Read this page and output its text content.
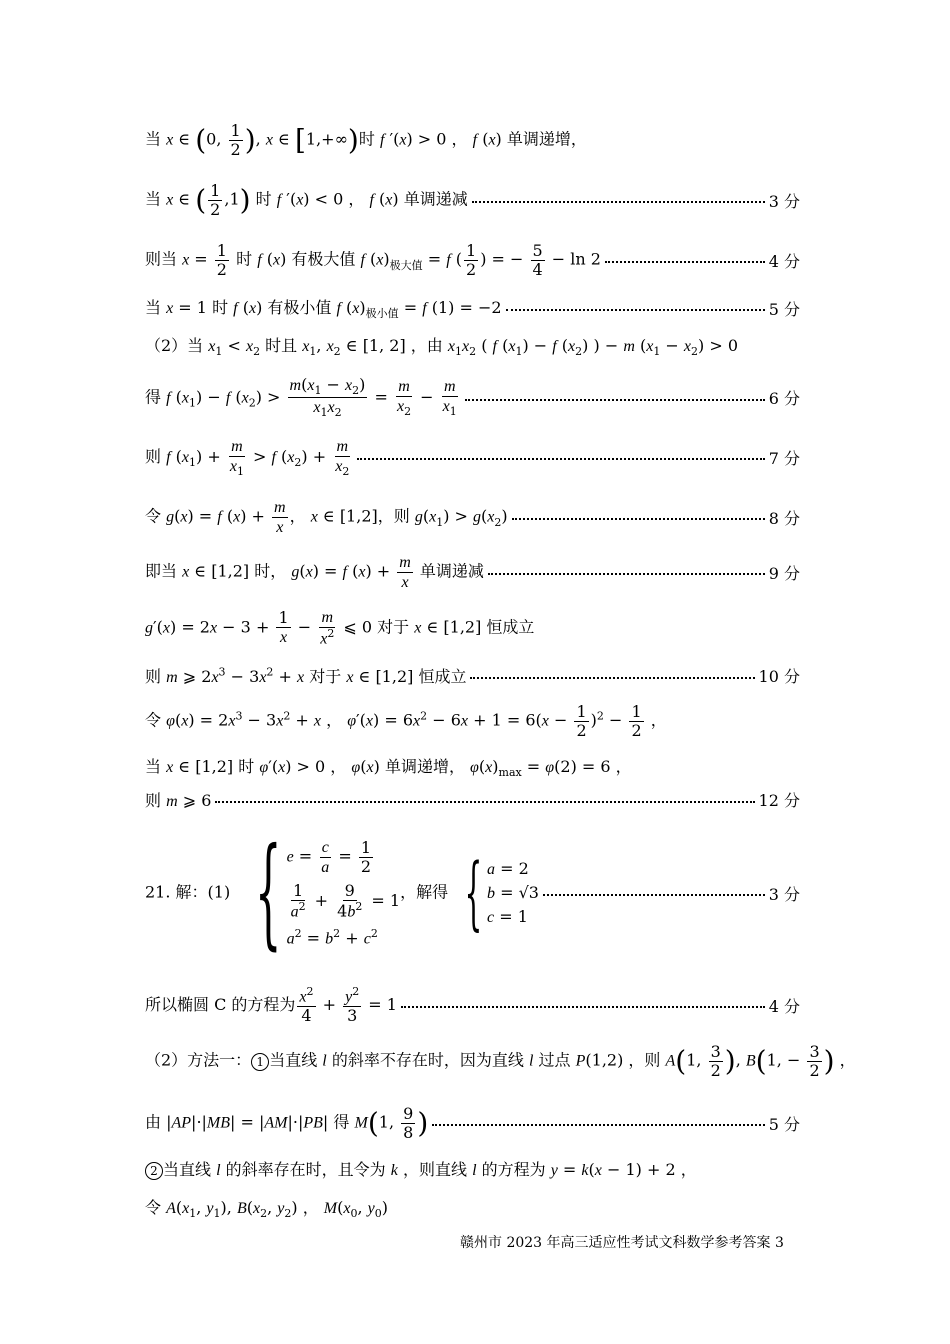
当 x ∈ (0, $\frac{1}{2}$ ), x ∈ [1,+∞)时 f ′(x) > 0 ， f (x) 单调递增，
当 x ∈ ( $\frac{1}{2} ,1$) 时 f ′(x) < 0 ， f (x) 单调递减	3 分
则当 $x = \frac{1}{2}$ 时 f (x) 有极大值 f $(x)_{极大值} = f$ ( $\frac{1}{2}$ ) = − $\frac{5}{4} - \ln 2$	4 分
当 x = 1 时 f (x) 有极小值 f $(x)_{极小值} = f$ (1) = −2	5 分
（2）当 $x_1 < x_2$ 时且 $x_1$, $x_2$ ∈ [1, 2] ，由 $x_1x_2$ ( f $(x_1) - f$ $(x_2)$ ) − m $(x_1 - x_2) > 0$
得 f $(x_1) - f$ $(x_2) > \frac{m(x_1 - x_2)}{x_1x_2} = \frac{m}{x_2} - \frac{m}{x_1}$	6 分
则 f $(x_1) + \frac{m}{x_1} > f$ $(x_2) + \frac{m}{x_2}$	7 分
令 g(x) = f $(x) + \frac{m}{x}$ ， x ∈ [1,2]，则 $g(x_1) > g(x_2)$	8 分
即当 x ∈ [1,2] 时， g(x) = f $(x) + \frac{m}{x}$ 单调递减	9 分
$g'(x) = 2x - 3 + \frac{1}{x} - \frac{m}{x^2}$ ⩽ 0 对于 x ∈ [1,2] 恒成立
则 m ⩾ $2x^3 - 3x^2 + x$ 对于 x ∈ [1,2] 恒成立	10 分
令 $\varphi(x) = 2x^3 - 3x^2 + x$ ， $\varphi'(x) = 6x^2 - 6x + 1 = 6(x - \frac{1}{2} )^2 - \frac{1}{2}$ ，
当 x ∈ [1,2] 时 φ′(x) > 0 ， φ(x) 单调递增， $\varphi(x)_{max} = \varphi(2) = 6$ ，
则 m ⩾ 6	12 分
21. 解：(1) { $e = \frac{c}{a} = \frac{1}{2}$
$\frac{1}{a^2} + \frac{9}{4b^2} = 1$
$a^2 = b^2 + c^2$
，解得 { a = 2
b = √3
c = 1
3 分
所以椭圆 C 的方程为 $\frac{x^2}{4} + \frac{y^2}{3} = 1$	4 分
（2）方法一： 1 当直线 l 的斜率不存在时，因为直线 l 过点 P(1,2) ，则 A(1, $\frac{3}{2}$ ), B(1, − $\frac{3}{2}$ ) ，
由 |AP|·|MB| = |AM|·|PB| 得 M(1, $\frac{9}{8}$ )	5 分
2 当直线 l 的斜率存在时，且令为 k ，则直线 l 的方程为 y = k(x − 1) + 2 ，
令 $A(x_1$, $y_1$), $B(x_2$, $y_2$) ， $M(x_0$, $y_0$)
赣州市 2023 年高三适应性考试文科数学参考答案 3
